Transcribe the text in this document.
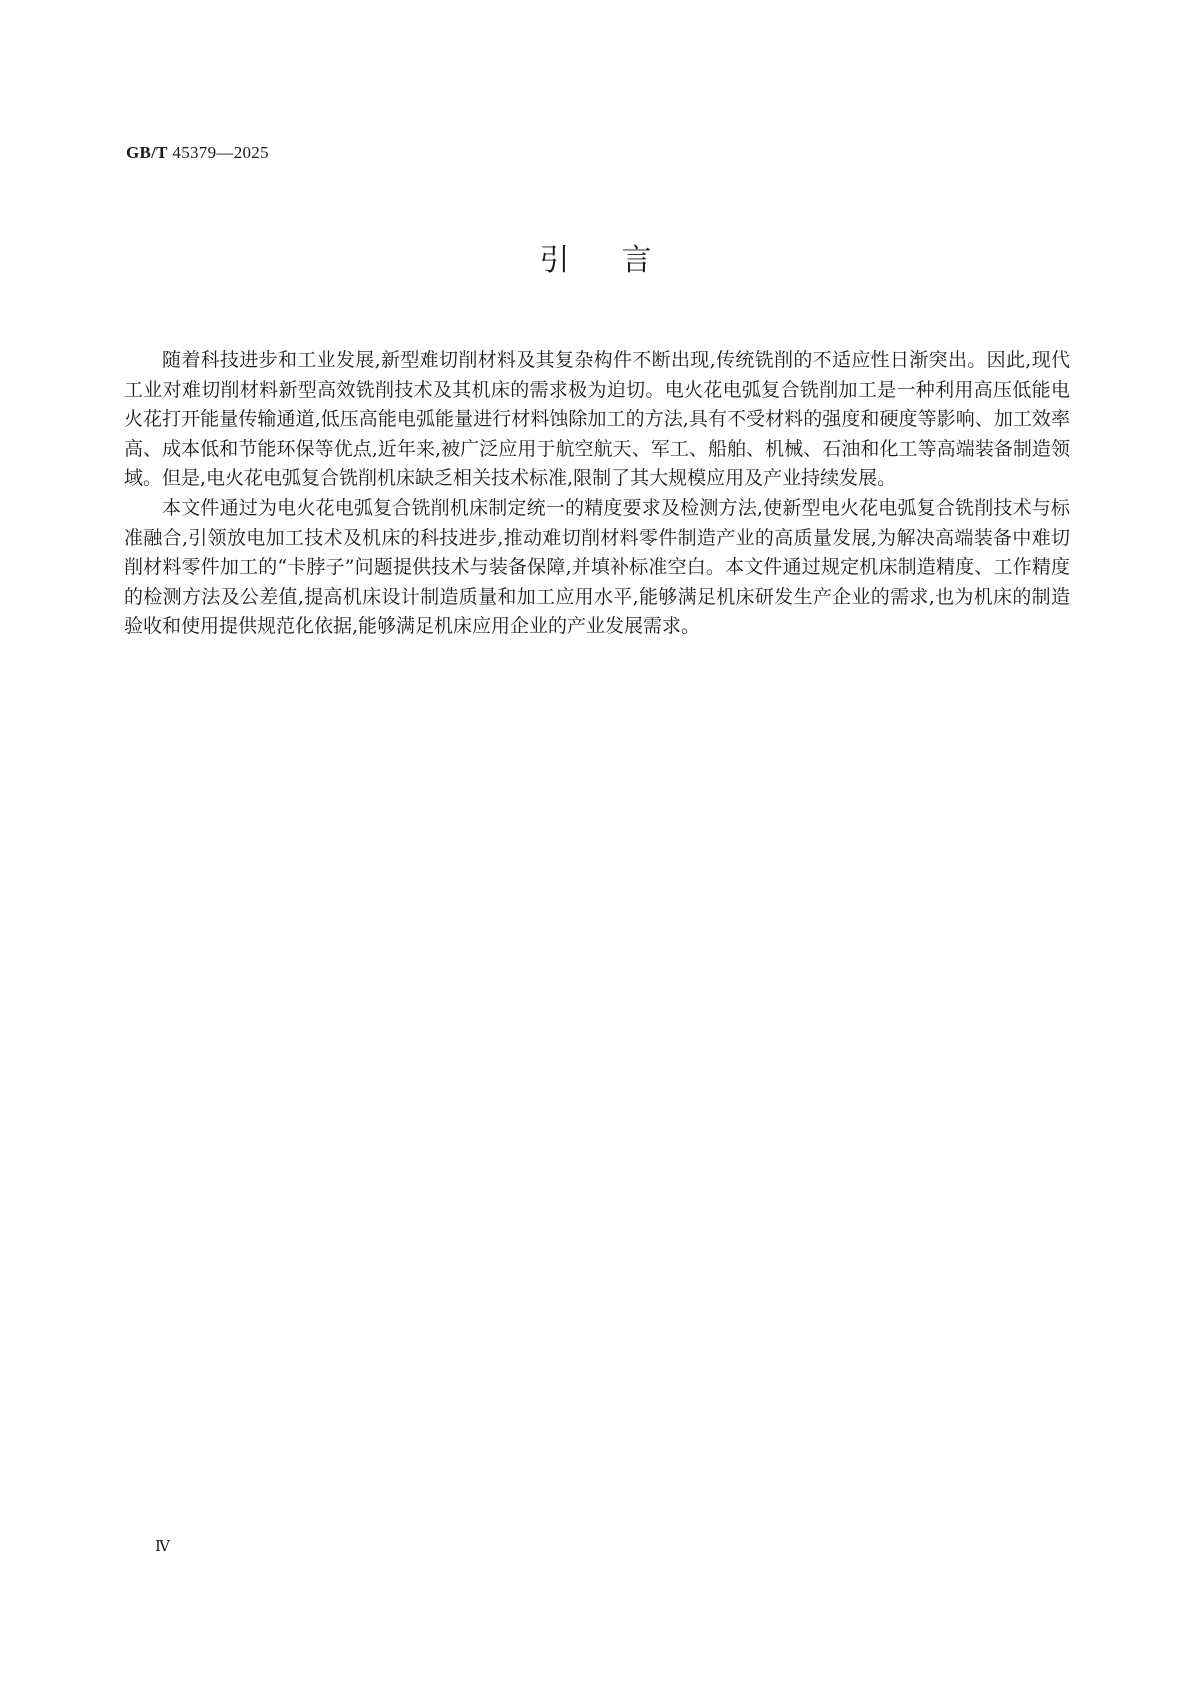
GB/T 45379—2025
引言

随着科技进步和工业发展,新型难切削材料及其复杂构件不断出现,传统铣削的不适应性日渐突出。因此,现代工业对难切削材料新型高效铣削技术及其机床的需求极为迫切。电火花电弧复合铣削加工是一种利用高压低能电火花打开能量传输通道,低压高能电弧能量进行材料蚀除加工的方法,具有不受材料的强度和硬度等影响、加工效率高、成本低和节能环保等优点,近年来,被广泛应用于航空航天、军工、船舶、机械、石油和化工等高端装备制造领域。但是,电火花电弧复合铣削机床缺乏相关技术标准,限制了其大规模应用及产业持续发展。

本文件通过为电火花电弧复合铣削机床制定统一的精度要求及检测方法,使新型电火花电弧复合铣削技术与标准融合,引领放电加工技术及机床的科技进步,推动难切削材料零件制造产业的高质量发展,为解决高端装备中难切削材料零件加工的“卡脖子”问题提供技术与装备保障,并填补标准空白。本文件通过规定机床制造精度、工作精度的检测方法及公差值,提高机床设计制造质量和加工应用水平,能够满足机床研发生产企业的需求,也为机床的制造验收和使用提供规范化依据,能够满足机床应用企业的产业发展需求。

Ⅳ
